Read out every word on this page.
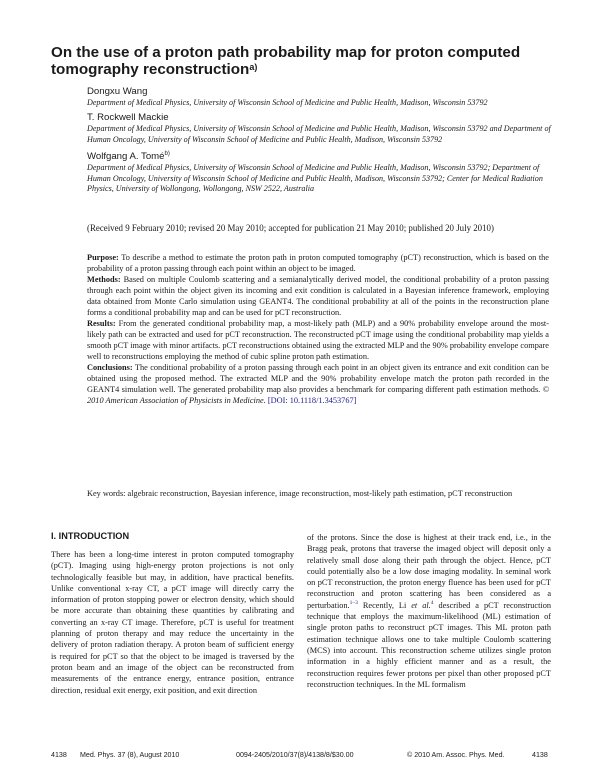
On the use of a proton path probability map for proton computed tomography reconstruction$^{a)}$
Dongxu Wang
Department of Medical Physics, University of Wisconsin School of Medicine and Public Health, Madison, Wisconsin 53792
T. Rockwell Mackie
Department of Medical Physics, University of Wisconsin School of Medicine and Public Health, Madison, Wisconsin 53792 and Department of Human Oncology, University of Wisconsin School of Medicine and Public Health, Madison, Wisconsin 53792
Wolfgang A. Tomé$^{b)}$
Department of Medical Physics, University of Wisconsin School of Medicine and Public Health, Madison, Wisconsin 53792; Department of Human Oncology, University of Wisconsin School of Medicine and Public Health, Madison, Wisconsin 53792; Center for Medical Radiation Physics, University of Wollongong, Wollongong, NSW 2522, Australia
(Received 9 February 2010; revised 20 May 2010; accepted for publication 21 May 2010; published 20 July 2010)

Purpose: To describe a method to estimate the proton path in proton computed tomography (pCT) reconstruction, which is based on the probability of a proton passing through each point within an object to be imaged.

Methods: Based on multiple Coulomb scattering and a semianalytically derived model, the conditional probability of a proton passing through each point within the object given its incoming and exit condition is calculated in a Bayesian inference framework, employing data obtained from Monte Carlo simulation using GEANT4. The conditional probability at all of the points in the reconstruction plane forms a conditional probability map and can be used for pCT reconstruction.

Results: From the generated conditional probability map, a most-likely path (MLP) and a 90% probability envelope around the most-likely path can be extracted and used for pCT reconstruction. The reconstructed pCT image using the conditional probability map yields a smooth pCT image with minor artifacts. pCT reconstructions obtained using the extracted MLP and the 90% probability envelope compare well to reconstructions employing the method of cubic spline proton path estimation.

Conclusions: The conditional probability of a proton passing through each point in an object given its entrance and exit condition can be obtained using the proposed method. The extracted MLP and the 90% probability envelope match the proton path recorded in the GEANT4 simulation well. The generated probability map also provides a benchmark for comparing different path estimation methods. © 2010 American Association of Physicists in Medicine. [DOI: 10.1118/1.3453767]

Key words: algebraic reconstruction, Bayesian inference, image reconstruction, most-likely path estimation, pCT reconstruction
I. INTRODUCTION
There has been a long-time interest in proton computed tomography (pCT). Imaging using high-energy proton projections is not only technologically feasible but may, in addition, have practical benefits. Unlike conventional x-ray CT, a pCT image will directly carry the information of proton stopping power or electron density, which should be more accurate than obtaining these quantities by calibrating and converting an x-ray CT image. Therefore, pCT is useful for treatment planning of proton therapy and may reduce the uncertainty in the delivery of proton radiation therapy. A proton beam of sufficient energy is required for pCT so that the object to be imaged is traversed by the proton beam and an image of the object can be reconstructed from measurements of the entrance energy, entrance position, entrance direction, residual exit energy, exit position, and exit direction
of the protons. Since the dose is highest at their track end, i.e., in the Bragg peak, protons that traverse the imaged object will deposit only a relatively small dose along their path through the object. Hence, pCT could potentially also be a low dose imaging modality. In seminal work on pCT reconstruction, the proton energy fluence has been used for pCT reconstruction and proton scattering has been considered as a perturbation.$^{1-3}$ Recently, Li et al.$^4$ described a pCT reconstruction technique that employs the maximum-likelihood (ML) estimation of single proton paths to reconstruct pCT images. This ML proton path estimation technique allows one to take multiple Coulomb scattering (MCS) into account. This reconstruction scheme utilizes single proton information in a highly efficient manner and as a result, the reconstruction requires fewer protons per pixel than other proposed pCT reconstruction techniques. In the ML formalism
4138 Med. Phys. 37 (8), August 2010	0094-2405/2010/37(8)/4138/8/$30.00	© 2010 Am. Assoc. Phys. Med.	4138
